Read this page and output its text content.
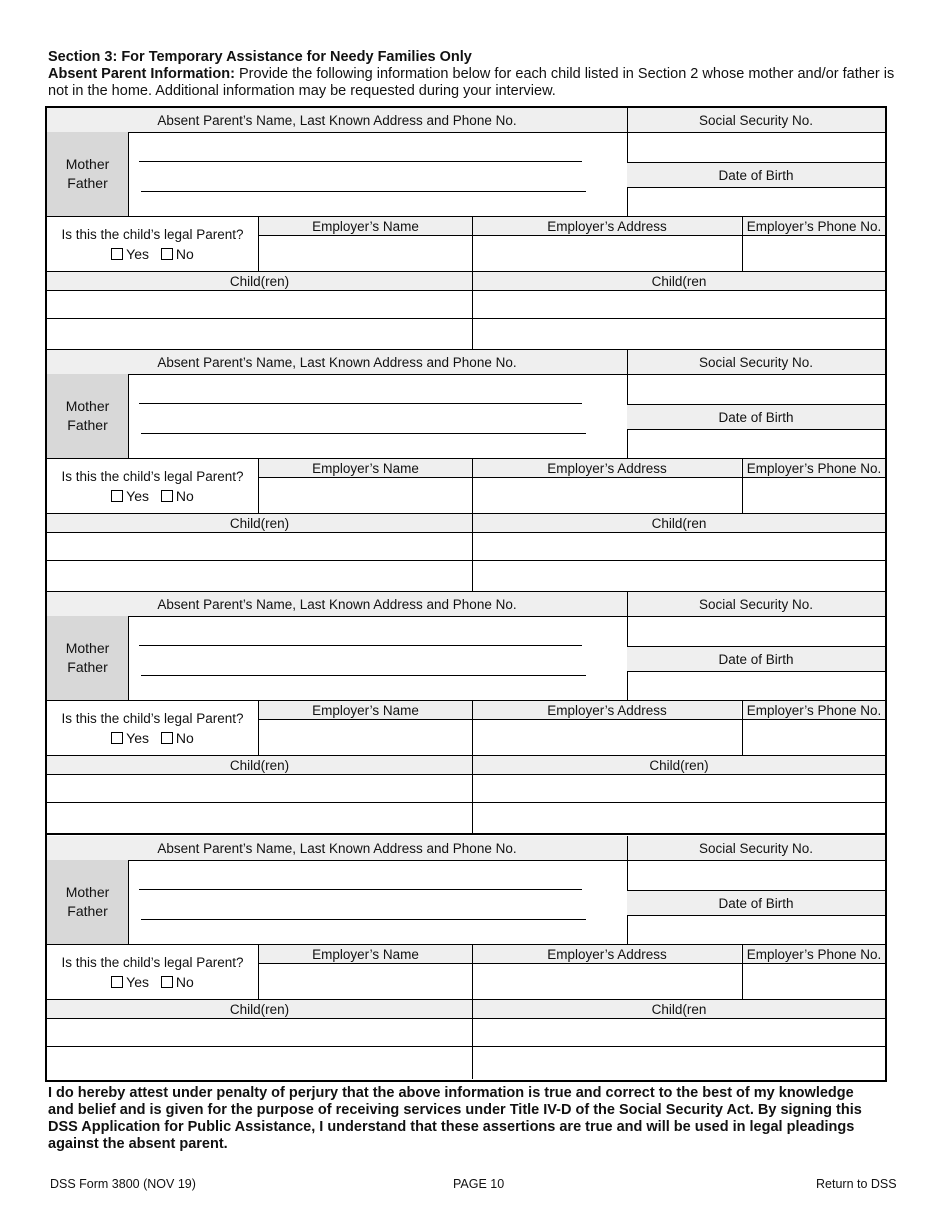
Section 3: For Temporary Assistance for Needy Families Only
Absent Parent Information: Provide the following information below for each child listed in Section 2 whose mother and/or father is not in the home. Additional information may be requested during your interview.
Absent Parent’s Name, Last Known Address and Phone No.	Social Security No.
Mother
Father	Date of Birth
Is this the child’s legal Parent?
Yes No
Employer’s Name	Employer’s Address	Employer’s Phone No.
Child(ren)	Child(ren
Absent Parent’s Name, Last Known Address and Phone No.	Social Security No.
Mother
Father	Date of Birth
Is this the child’s legal Parent?
Yes No
Employer’s Name	Employer’s Address	Employer’s Phone No.
Child(ren)	Child(ren
Absent Parent’s Name, Last Known Address and Phone No.	Social Security No.
Mother
Father	Date of Birth
Is this the child’s legal Parent?
Yes No
Employer’s Name	Employer’s Address	Employer’s Phone No.
Child(ren)	Child(ren)
Absent Parent’s Name, Last Known Address and Phone No.	Social Security No.
Mother
Father	Date of Birth
Is this the child’s legal Parent?
Yes No
Employer’s Name	Employer’s Address	Employer’s Phone No.
Child(ren)	Child(ren
I do hereby attest under penalty of perjury that the above information is true and correct to the best of my knowledge and belief and is given for the purpose of receiving services under Title IV-D of the Social Security Act. By signing this DSS Application for Public Assistance, I understand that these assertions are true and will be used in legal pleadings against the absent parent.
DSS Form 3800 (NOV 19)	PAGE 10	Return to DSS
